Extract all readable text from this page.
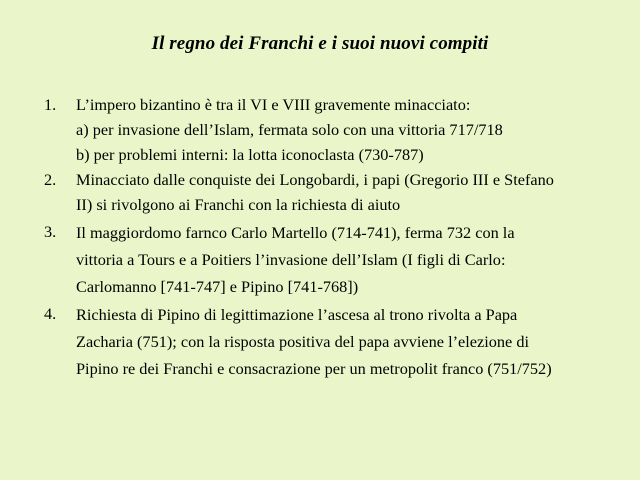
Il regno dei Franchi e i suoi nuovi compiti
1. L’impero bizantino è tra il VI e VIII gravemente minacciato:
a) per invasione dell’Islam, fermata solo con una vittoria 717/718
b) per problemi interni: la lotta iconoclasta (730-787)
2. Minacciato dalle conquiste dei Longobardi, i papi (Gregorio III e Stefano
II) si rivolgono ai Franchi con la richiesta di aiuto
3. Il maggiordomo farnco Carlo Martello (714-741), ferma 732 con la
vittoria a Tours e a Poitiers l’invasione dell’Islam (I figli di Carlo:
Carlomanno [741-747] e Pipino [741-768])
4. Richiesta di Pipino di legittimazione l’ascesa al trono rivolta a Papa
Zacharia (751); con la risposta positiva del papa avviene l’elezione di
Pipino re dei Franchi e consacrazione per un metropolit franco (751/752)
